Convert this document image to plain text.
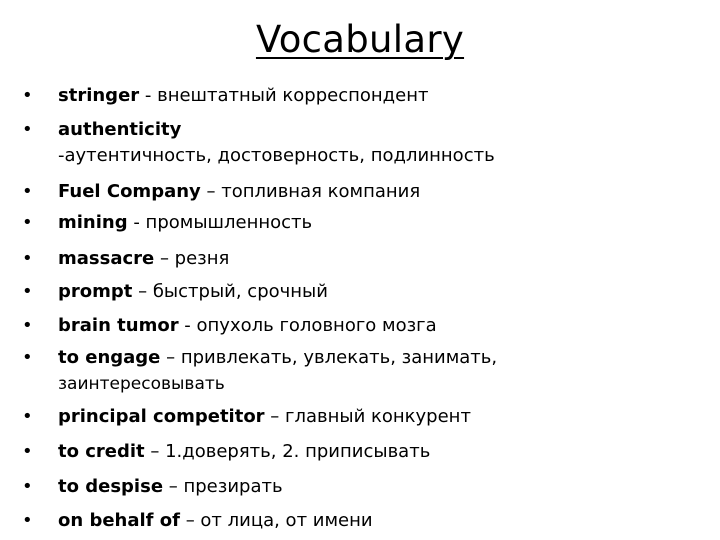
Vocabulary
• stringer - внештатный корреспондент
• authenticity
-аутентичность, достоверность, подлинность
• Fuel Company – топливная компания
• mining - промышленность
• massacre – резня
• prompt – быстрый, срочный
• brain tumor - опухоль головного мозга
• to engage – привлекать, увлекать, занимать,
заинтересовывать
• principal competitor – главный конкурент
• to credit – 1.доверять, 2. приписывать
• to despise – презирать
• on behalf of – от лица, от имени
